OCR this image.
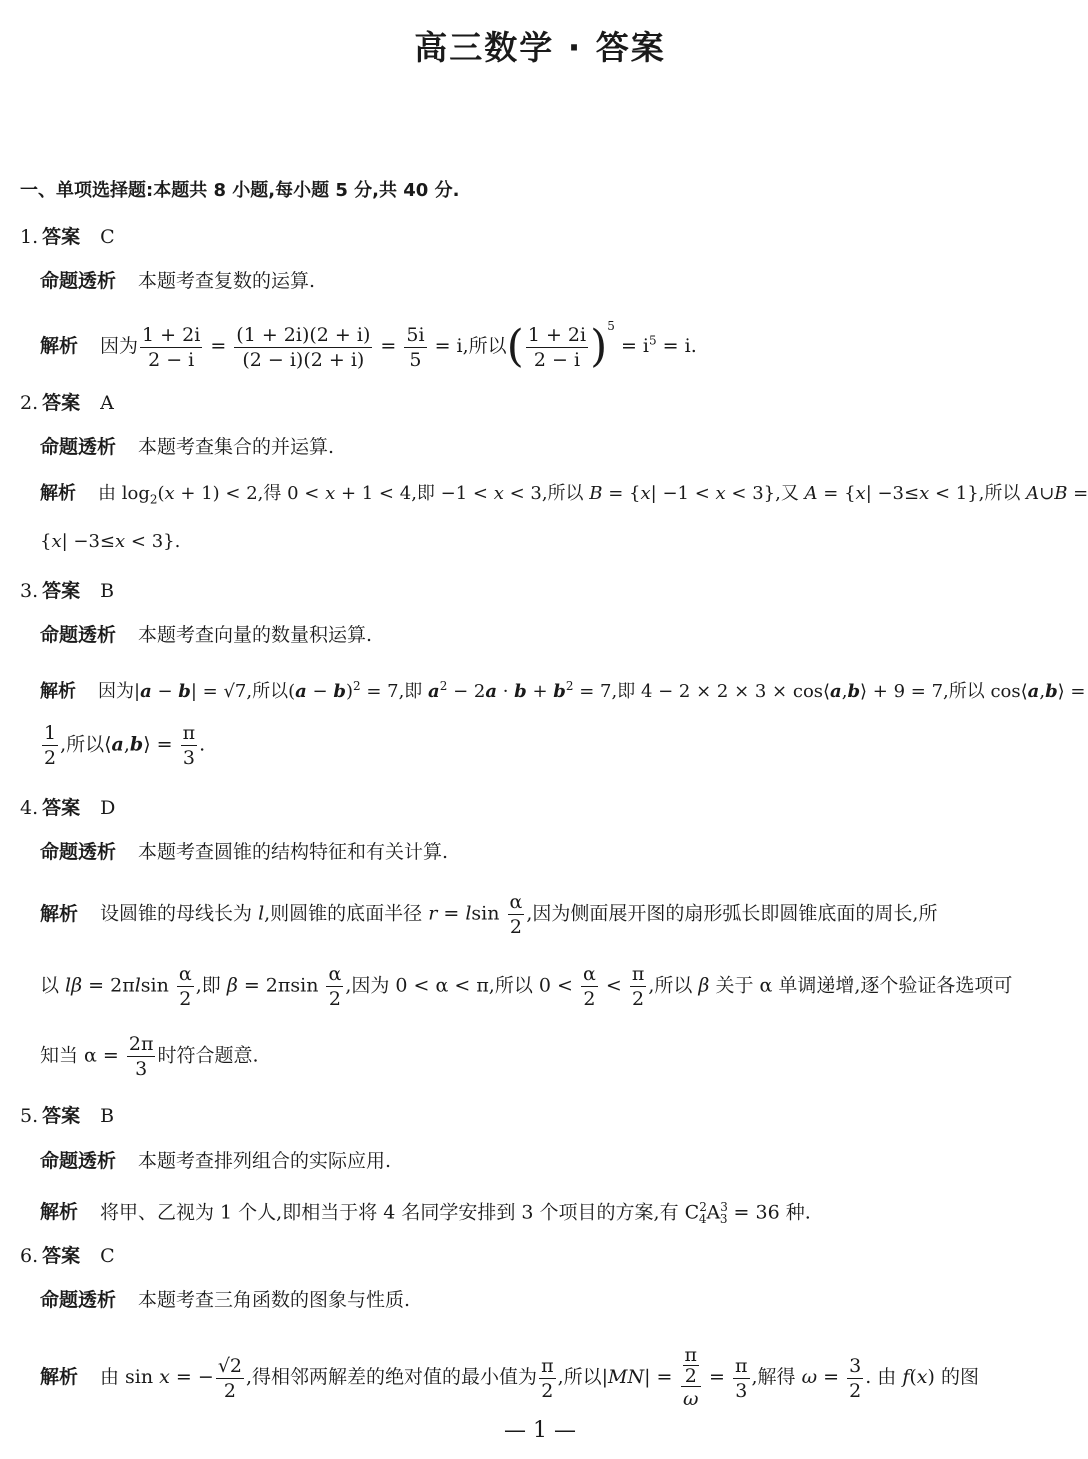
高三数学 · 答案
一、单项选择题:本题共 8 小题,每小题 5 分,共 40 分.
1. 答案 C
命题透析 本题考查复数的运算.
解析 因为 $\frac{1 + 2i}{2 - i} = \frac{(1 + 2i)(2 + i)}{(2 - i)(2 + i)} = \frac{5i}{5} = i$,所以( $\frac{1 + 2i}{2 - i} )^5 = i^5 = i$.
2. 答案 A
命题透析 本题考查集合的并运算.
解析 由 $\log_2(x + 1) < 2$,得 0 < x + 1 < 4,即 −1 < x < 3,所以 B = {x| −1 < x < 3},又 A = {x| −3≤x < 1},所以 A∪B =
{x| −3≤x < 3}.
3. 答案 B
命题透析 本题考查向量的数量积运算.
解析 因为|a − b| = √7,所以$(a - b)^2 = 7$,即 $a^2 - 2a \cdot b + b^2 = 7$,即 4 − 2 × 2 × 3 × cos⟨a,b⟩ + 9 = 7,所以 cos⟨a,b⟩ =
$\frac{1}{2}$ ,所以⟨a,b⟩ = $\frac{\pi}{3}$ .
4. 答案 D
命题透析 本题考查圆锥的结构特征和有关计算.
解析 设圆锥的母线长为 l,则圆锥的底面半径 r = lsin $\frac{\alpha}{2}$ ,因为侧面展开图的扇形弧长即圆锥底面的周长,所
以 $l\beta = 2\pi lsin \frac{\alpha}{2}$ ,即 $\beta = 2\pi\sin \frac{\alpha}{2}$ ,因为 0 < α < π,所以 $0 < \frac{\alpha}{2} < \frac{\pi}{2}$ ,所以 β 关于 α 单调递增,逐个验证各选项可
知当 $\alpha = \frac{2\pi}{3}$ 时符合题意.
5. 答案 B
命题透析 本题考查排列组合的实际应用.
解析 将甲、乙视为 1 个人,即相当于将 4 名同学安排到 3 个项目的方案,有 $C^2_4A^3_3 = 36$ 种.
6. 答案 C
命题透析 本题考查三角函数的图象与性质.
解析 由 sin x = − $\frac{√2}{2}$ ,得相邻两解差的绝对值的最小值为 $\frac{\pi}{2}$ ,所以$|MN| = \frac{\frac{\pi}{2}}{\omega} = \frac{\pi}{3}$ ,解得 $\omega = \frac{3}{2}$ . 由 f(x) 的图
— 1 —
